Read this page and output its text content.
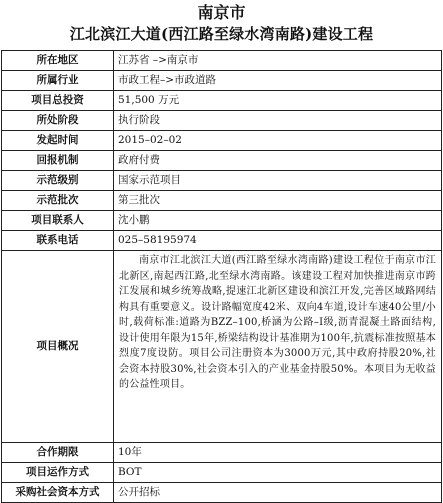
南京市
江北滨江大道(西江路至绿水湾南路)建设工程
所在地区	江苏省 –>南京市
所属行业	市政工程–>市政道路
项目总投资	51,500 万元
所处阶段	执行阶段
发起时间	2015–02–02
回报机制	政府付费
示范级别	国家示范项目
示范批次	第三批次
项目联系人	沈小鹏
联系电话	025–58195974
项目概况	南京市江北滨江大道(西江路至绿水湾南路)建设工程位于南京市江北新区,南起西江路,北至绿水湾南路。该建设工程对加快推进南京市跨江发展和城乡统筹战略,提速江北新区建设和滨江开发,完善区域路网结构具有重要意义。设计路幅宽度42米、双向4车道,设计车速40公里/小时,载荷标准:道路为BZZ–100,桥涵为公路–I级,沥青混凝土路面结构,设计使用年限为15年,桥梁结构设计基准期为100年,抗震标准按照基本烈度7度设防。项目公司注册资本为3000万元,其中政府持股20%,社会资本持股30%,社会资本引入的产业基金持股50%。本项目为无收益的公益性项目。
合作期限	10年
项目运作方式	BOT
采购社会资本方式	公开招标
